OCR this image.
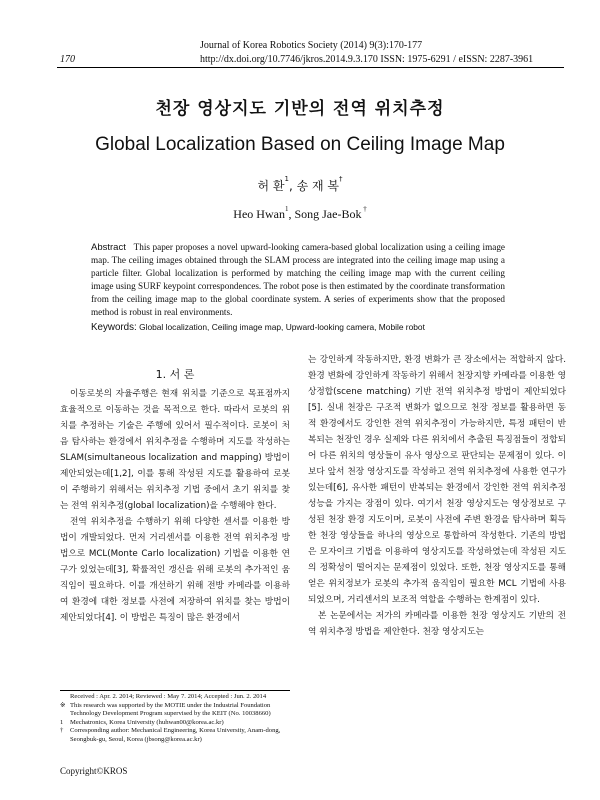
Journal of Korea Robotics Society (2014) 9(3):170-177
170	http://dx.doi.org/10.7746/jkros.2014.9.3.170 ISSN: 1975-6291 / eISSN: 2287-3961
천장 영상지도 기반의 전역 위치추정
Global Localization Based on Ceiling Image Map
허 환$^1$, 송 재 복†
Heo Hwan$^1$, Song Jae-Bok †
Abstract This paper proposes a novel upward-looking camera-based global localization using a ceiling image map. The ceiling images obtained through the SLAM process are integrated into the ceiling image map using a particle filter. Global localization is performed by matching the ceiling image map with the current ceiling image using SURF keypoint correspondences. The robot pose is then estimated by the coordinate transformation from the ceiling image map to the global coordinate system. A series of experiments show that the proposed method is robust in real environments.
Keywords: Global localization, Ceiling image map, Upward-looking camera, Mobile robot
1. 서 론

이동로봇의 자율주행은 현재 위치를 기준으로 목표점까지 효율적으로 이동하는 것을 목적으로 한다. 따라서 로봇의 위치를 추정하는 기술은 주행에 있어서 필수적이다. 로봇이 처음 탐사하는 환경에서 위치추정을 수행하며 지도를 작성하는 SLAM(simultaneous localization and mapping) 방법이 제안되었는데[1,2], 이를 통해 작성된 지도를 활용하여 로봇이 주행하기 위해서는 위치추정 기법 중에서 초기 위치를 찾는 전역 위치추정(global localization)을 수행해야 한다.

전역 위치추정을 수행하기 위해 다양한 센서를 이용한 방법이 개발되었다. 먼저 거리센서를 이용한 전역 위치추정 방법으로 MCL(Monte Carlo localization) 기법을 이용한 연구가 있었는데[3], 확률적인 갱신을 위해 로봇의 추가적인 움직임이 필요하다. 이를 개선하기 위해 전방 카메라를 이용하여 환경에 대한 정보를 사전에 저장하여 위치를 찾는 방법이 제안되었다[4]. 이 방법은 특징이 많은 환경에서

는 강인하게 작동하지만, 환경 변화가 큰 장소에서는 적합하지 않다. 환경 변화에 강인하게 작동하기 위해서 천장지향 카메라를 이용한 영상정합(scene matching) 기반 전역 위치추정 방법이 제안되었다[5]. 실내 천장은 구조적 변화가 없으므로 천장 정보를 활용하면 동적 환경에서도 강인한 전역 위치추정이 가능하지만, 특정 패턴이 반복되는 천장인 경우 실제와 다른 위치에서 추출된 특징점들이 정합되어 다른 위치의 영상들이 유사 영상으로 판단되는 문제점이 있다. 이보다 앞서 천장 영상지도를 작성하고 전역 위치추정에 사용한 연구가 있는데[6], 유사한 패턴이 반복되는 환경에서 강인한 전역 위치추정 성능을 가지는 장점이 있다. 여기서 천장 영상지도는 영상정보로 구성된 천장 환경 지도이며, 로봇이 사전에 주변 환경을 탐사하며 획득한 천장 영상들을 하나의 영상으로 통합하여 작성한다. 기존의 방법은 모자이크 기법을 이용하여 영상지도를 작성하였는데 작성된 지도의 정확성이 떨어지는 문제점이 있었다. 또한, 천장 영상지도를 통해 얻은 위치정보가 로봇의 추가적 움직임이 필요한 MCL 기법에 사용되었으며, 거리센서의 보조적 역할을 수행하는 한계점이 있다.

본 논문에서는 저가의 카메라를 이용한 천장 영상지도 기반의 전역 위치추정 방법을 제안한다. 천장 영상지도는

Received : Apr. 2. 2014; Reviewed : May 7. 2014; Accepted : Jun. 2. 2014
※ This research was supported by the MOTIE under the Industrial Foundation Technology Development Program supervised by the KEIT (No. 10038660)
1	Mechatronics, Korea University (huhwan00@korea.ac.kr)
†	Corresponding author: Mechanical Engineering, Korea University, Anam-dong, Seongbuk-gu, Seoul, Korea (jbsong@korea.ac.kr)
Copyright©KROS
